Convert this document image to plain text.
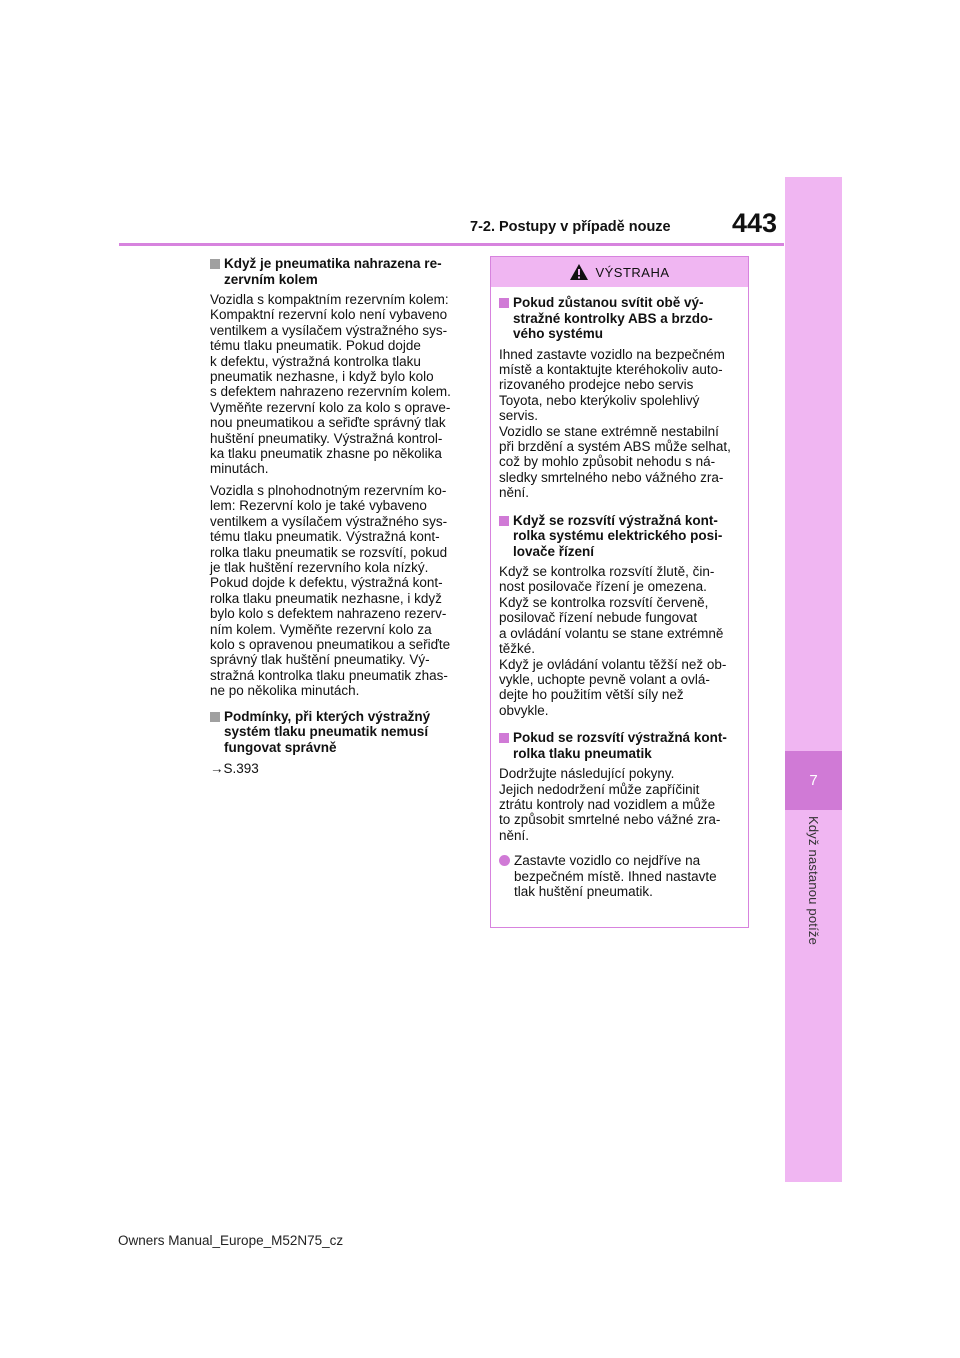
443
7-2. Postupy v případě nouze
7
Když nastanou potíže
Když je pneumatika nahrazena re-
zervním kolem

Vozidla s kompaktním rezervním kolem:
Kompaktní rezervní kolo není vybaveno
ventilkem a vysílačem výstražného sys-
tému tlaku pneumatik. Pokud dojde
k defektu, výstražná kontrolka tlaku
pneumatik nezhasne, i když bylo kolo
s defektem nahrazeno rezervním kolem.
Vyměňte rezervní kolo za kolo s oprave-
nou pneumatikou a seřiďte správný tlak
huštění pneumatiky. Výstražná kontrol-
ka tlaku pneumatik zhasne po několika
minutách.

Vozidla s plnohodnotným rezervním ko-
lem: Rezervní kolo je také vybaveno
ventilkem a vysílačem výstražného sys-
tému tlaku pneumatik. Výstražná kont-
rolka tlaku pneumatik se rozsvítí, pokud
je tlak huštění rezervního kola nízký.
Pokud dojde k defektu, výstražná kont-
rolka tlaku pneumatik nezhasne, i když
bylo kolo s defektem nahrazeno rezerv-
ním kolem. Vyměňte rezervní kolo za
kolo s opravenou pneumatikou a seřiďte
správný tlak huštění pneumatiky. Vý-
stražná kontrolka tlaku pneumatik zhas-
ne po několika minutách.

Podmínky, při kterých výstražný
systém tlaku pneumatik nemusí
fungovat správně
→S.393
VÝSTRAHA
Pokud zůstanou svítit obě vý-
stražné kontrolky ABS a brzdo-
vého systému

Ihned zastavte vozidlo na bezpečném
místě a kontaktujte kteréhokoliv auto-
rizovaného prodejce nebo servis
Toyota, nebo kterýkoliv spolehlivý
servis.
Vozidlo se stane extrémně nestabilní
při brzdění a systém ABS může selhat,
což by mohlo způsobit nehodu s ná-
sledky smrtelného nebo vážného zra-
nění.

Když se rozsvítí výstražná kont-
rolka systému elektrického posi-
lovače řízení

Když se kontrolka rozsvítí žlutě, čin-
nost posilovače řízení je omezena.
Když se kontrolka rozsvítí červeně,
posilovač řízení nebude fungovat
a ovládání volantu se stane extrémně
těžké.
Když je ovládání volantu těžší než ob-
vykle, uchopte pevně volant a ovlá-
dejte ho použitím větší síly než
obvykle.

Pokud se rozsvítí výstražná kont-
rolka tlaku pneumatik

Dodržujte následující pokyny.
Jejich nedodržení může zapříčinit
ztrátu kontroly nad vozidlem a může
to způsobit smrtelné nebo vážné zra-
nění.

Zastavte vozidlo co nejdříve na
bezpečném místě. Ihned nastavte
tlak huštění pneumatik.
Owners Manual_Europe_M52N75_cz
